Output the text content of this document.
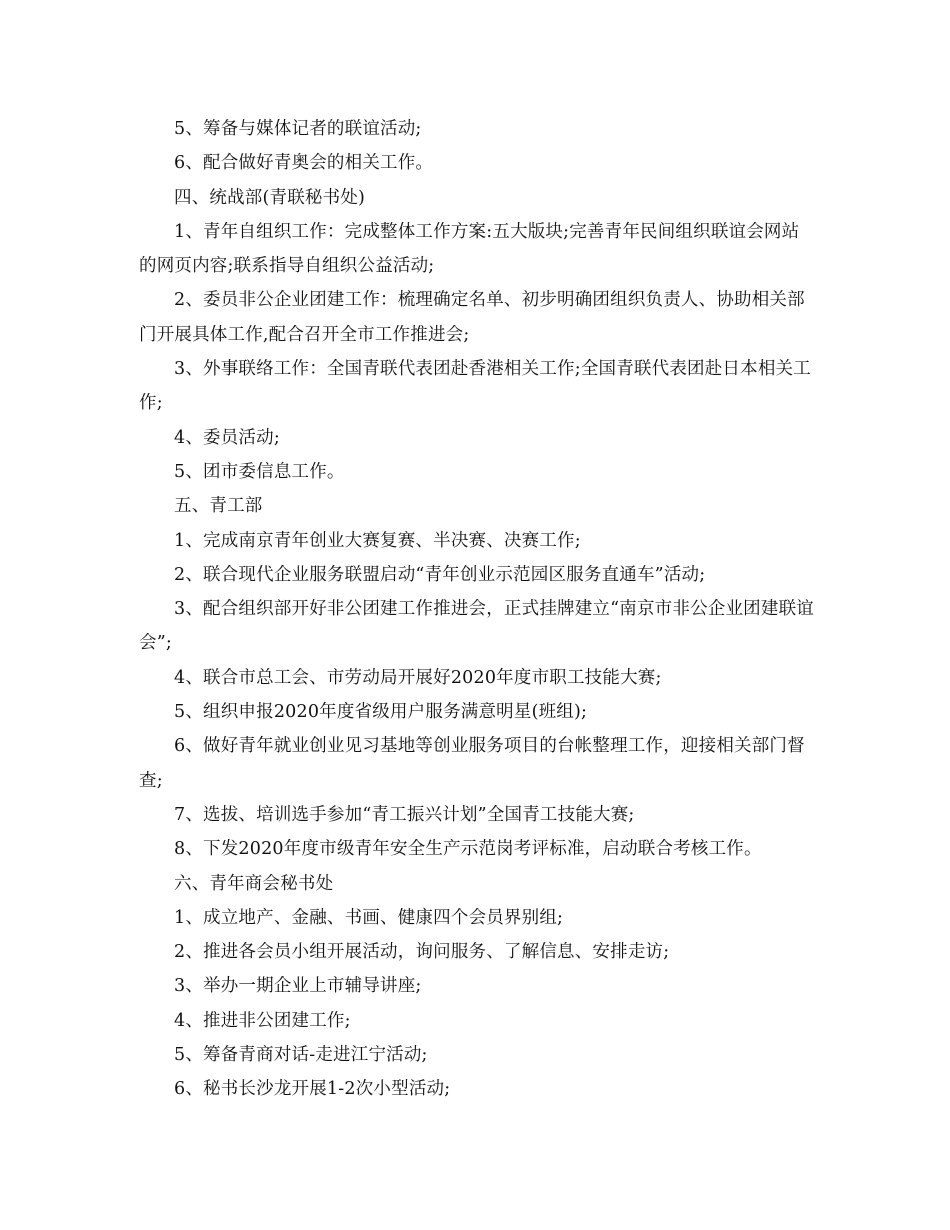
5、筹备与媒体记者的联谊活动;

6、配合做好青奥会的相关工作。

四、统战部(青联秘书处)

1、青年自组织工作：完成整体工作方案:五大版块;完善青年民间组织联谊会网站的网页内容;联系指导自组织公益活动;

2、委员非公企业团建工作：梳理确定名单、初步明确团组织负责人、协助相关部门开展具体工作,配合召开全市工作推进会;

3、外事联络工作：全国青联代表团赴香港相关工作;全国青联代表团赴日本相关工作;

4、委员活动;

5、团市委信息工作。

五、青工部

1、完成南京青年创业大赛复赛、半决赛、决赛工作;

2、联合现代企业服务联盟启动“青年创业示范园区服务直通车”活动;

3、配合组织部开好非公团建工作推进会，正式挂牌建立“南京市非公企业团建联谊会”;

4、联合市总工会、市劳动局开展好2020年度市职工技能大赛;

5、组织申报2020年度省级用户服务满意明星(班组);

6、做好青年就业创业见习基地等创业服务项目的台帐整理工作，迎接相关部门督查;

7、选拔、培训选手参加“青工振兴计划”全国青工技能大赛;

8、下发2020年度市级青年安全生产示范岗考评标准，启动联合考核工作。

六、青年商会秘书处

1、成立地产、金融、书画、健康四个会员界别组;

2、推进各会员小组开展活动，询问服务、了解信息、安排走访;

3、举办一期企业上市辅导讲座;

4、推进非公团建工作;

5、筹备青商对话-走进江宁活动;

6、秘书长沙龙开展1-2次小型活动;
